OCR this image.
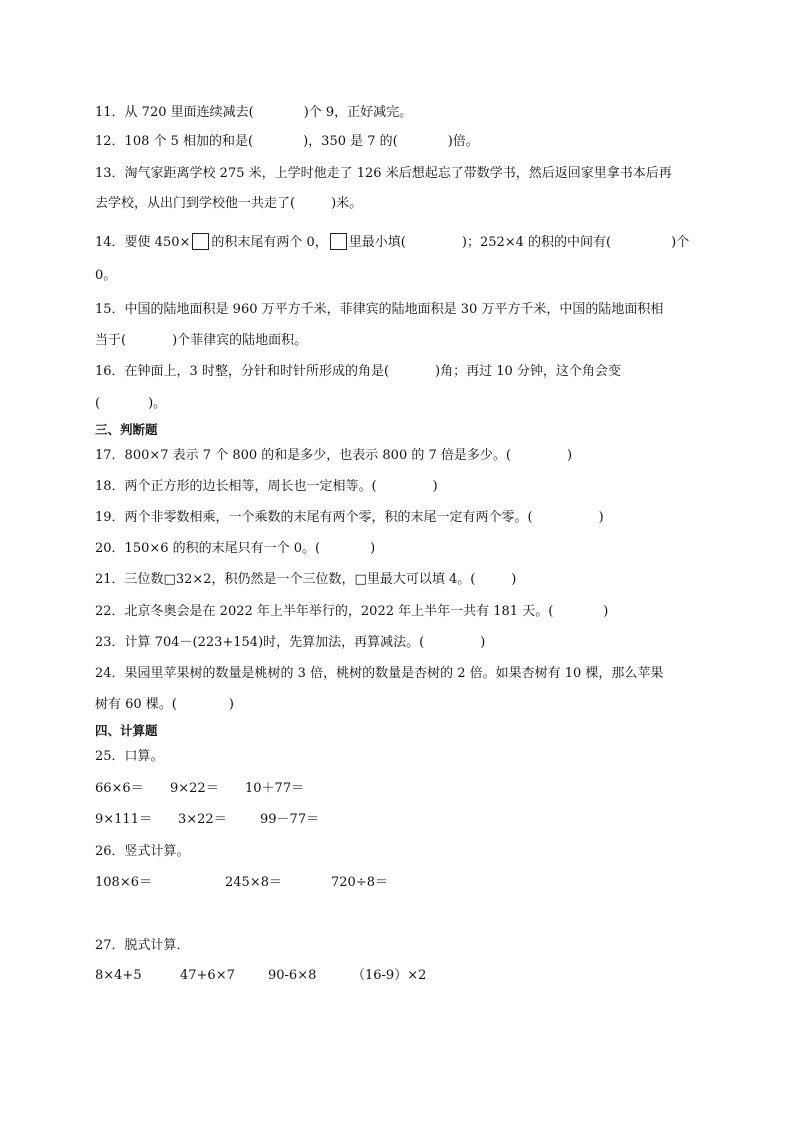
11．从 720 里面连续减去(	)个 9，正好减完。
12．108 个 5 相加的和是(	)，350 是 7 的(	)倍。
13．淘气家距离学校 275 米，上学时他走了 126 米后想起忘了带数学书，然后返回家里拿书本后再
去学校，从出门到学校他一共走了(	)米。
14．要使 450× 的积末尾有两个 0， 里最小填(	)；252×4 的积的中间有(	)个
0。
15．中国的陆地面积是 960 万平方千米，菲律宾的陆地面积是 30 万平方千米，中国的陆地面积相
当于(	)个菲律宾的陆地面积。
16．在钟面上，3 时整，分针和时针所形成的角是(	)角；再过 10 分钟，这个角会变
(	)。
三、判断题
17．800×7 表示 7 个 800 的和是多少，也表示 800 的 7 倍是多少。(	)
18．两个正方形的边长相等，周长也一定相等。(	)
19．两个非零数相乘，一个乘数的末尾有两个零，积的末尾一定有两个零。(	)
20．150×6 的积的末尾只有一个 0。(	)
21．三位数□32×2，积仍然是一个三位数，□里最大可以填 4。(	)
22．北京冬奥会是在 2022 年上半年举行的，2022 年上半年一共有 181 天。(	)
23．计算 704－(223+154)时，先算加法，再算减法。(	)
24．果园里苹果树的数量是桃树的 3 倍，桃树的数量是杏树的 2 倍。如果杏树有 10 棵，那么苹果
树有 60 棵。(	)
四、计算题
25．口算。
66×6＝ 9×22＝ 10＋77＝
9×111＝ 3×22＝	99－77＝
26．竖式计算。
108×6＝	245×8＝	720÷8＝
27．脱式计算．
8×4+5	47+6×7	90-6×8	（16-9）×2
